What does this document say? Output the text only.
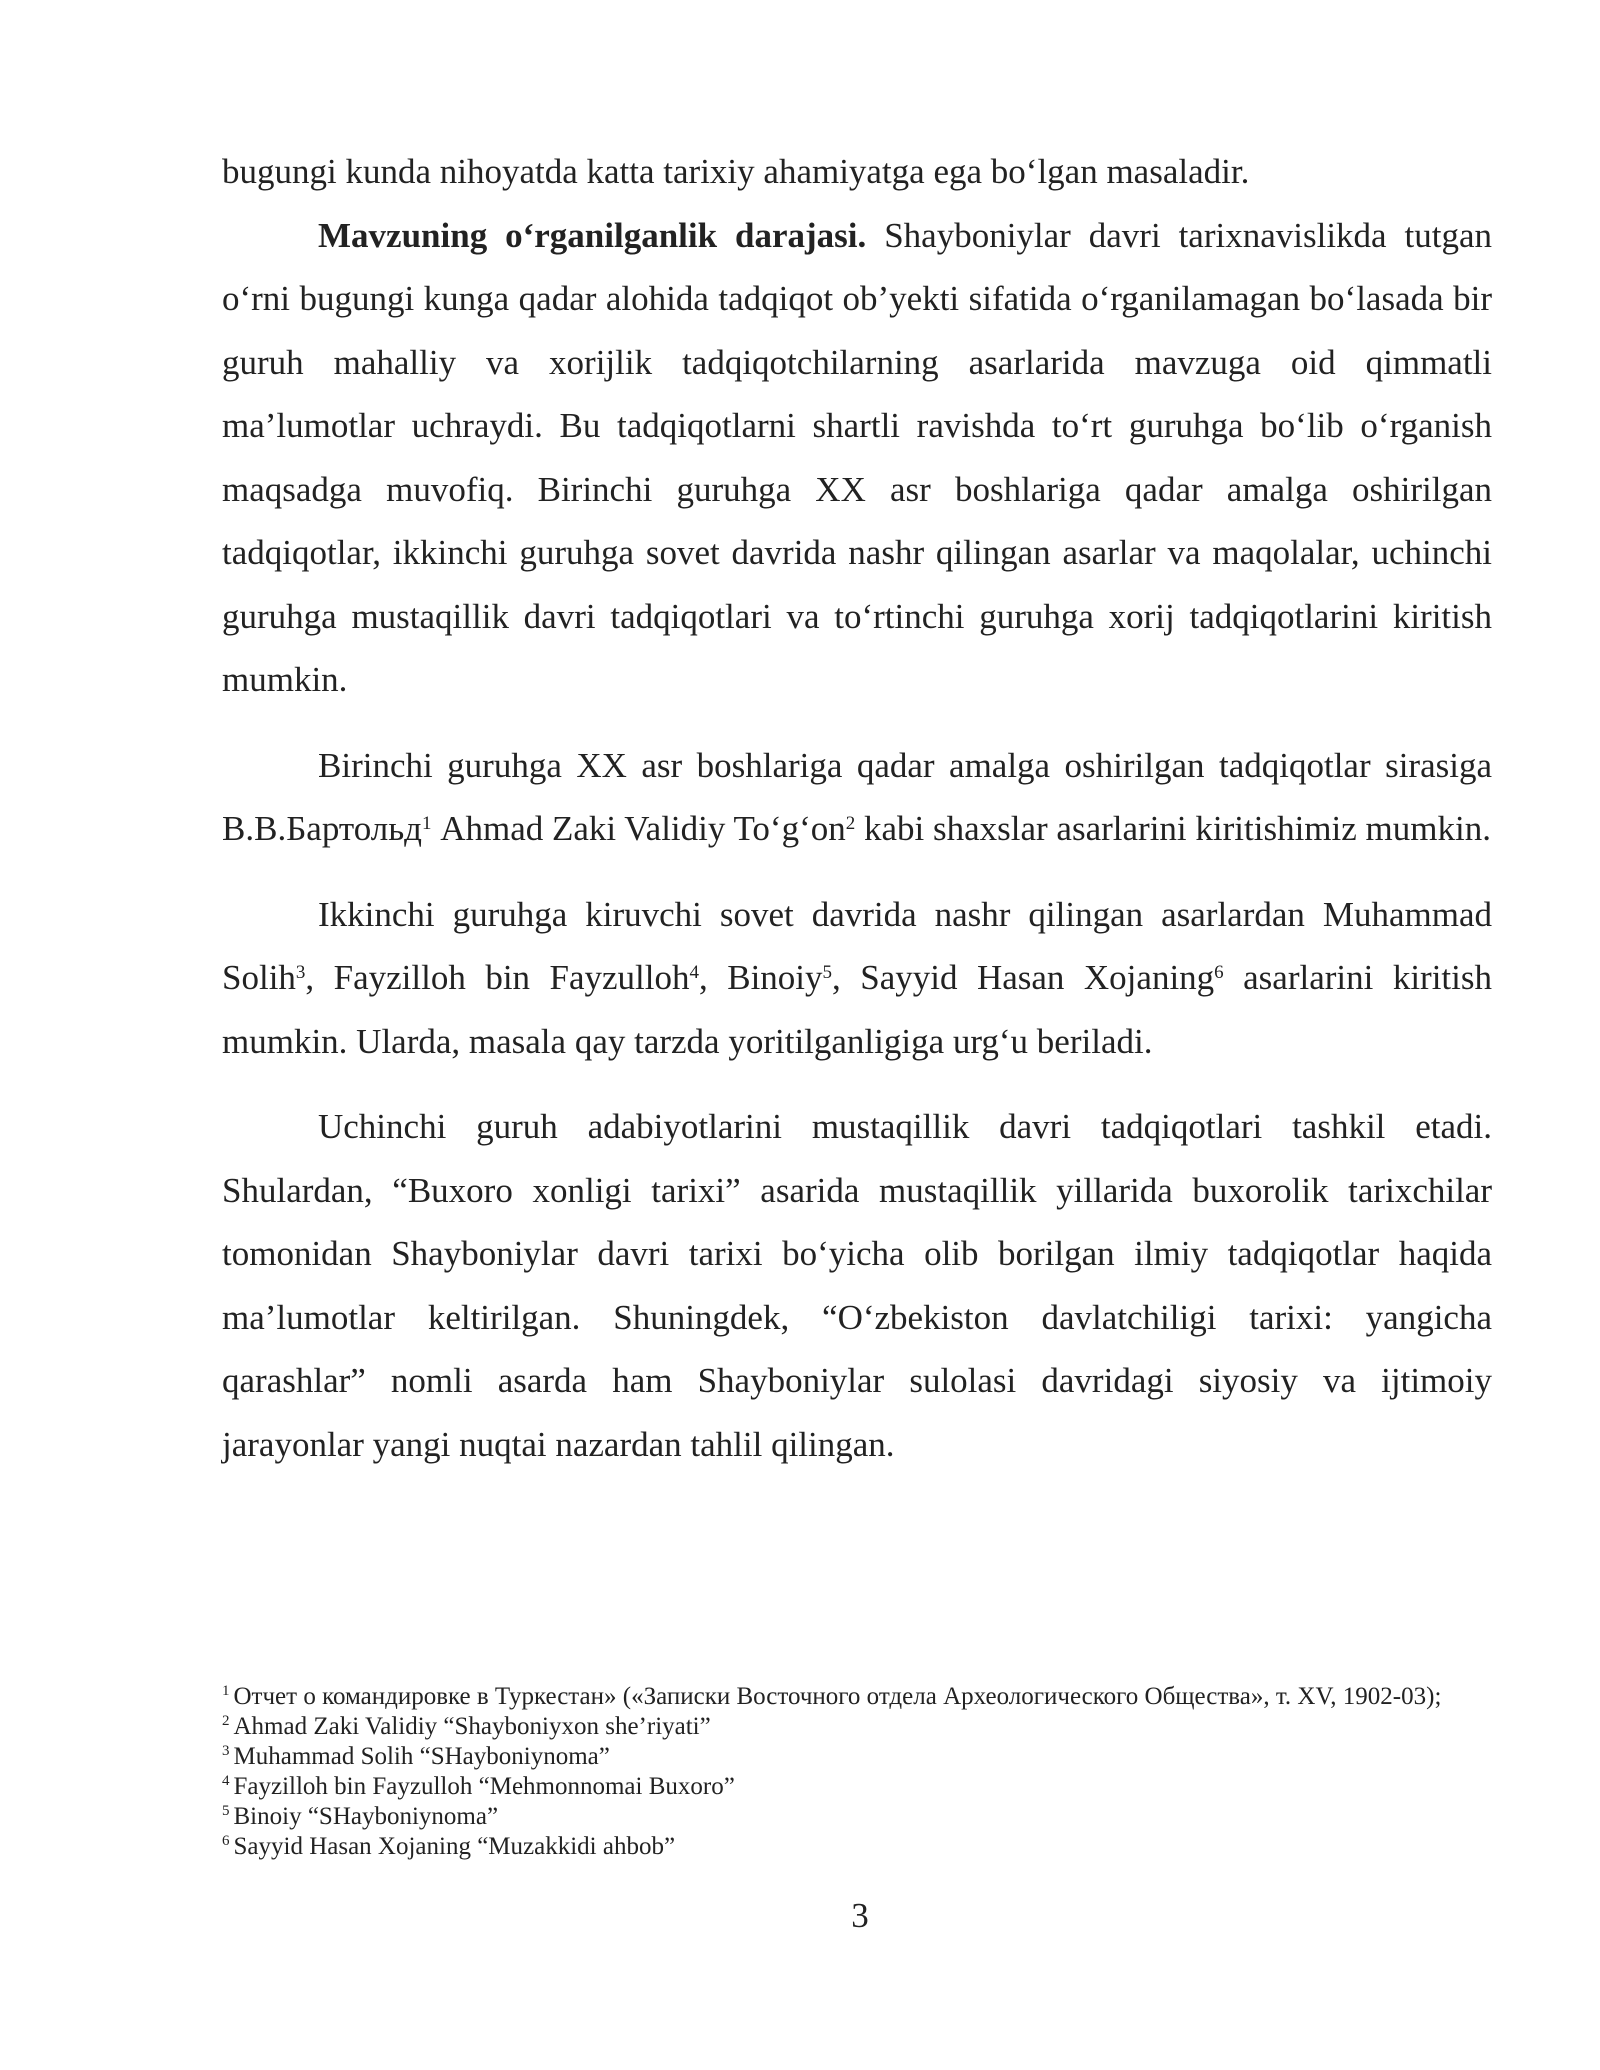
bugungi kunda nihoyatda katta tarixiy ahamiyatga ega bo‘lgan masaladir.

Mavzuning o‘rganilganlik darajasi. Shayboniylar davri tarixnavislikda tutgan o‘rni bugungi kunga qadar alohida tadqiqot ob’yekti sifatida o‘rganilamagan bo‘lasada bir guruh mahalliy va xorijlik tadqiqotchilarning asarlarida mavzuga oid qimmatli ma’lumotlar uchraydi. Bu tadqiqotlarni shartli ravishda to‘rt guruhga bo‘lib o‘rganish maqsadga muvofiq. Birinchi guruhga XX asr boshlariga qadar amalga oshirilgan tadqiqotlar, ikkinchi guruhga sovet davrida nashr qilingan asarlar va maqolalar, uchinchi guruhga mustaqillik davri tadqiqotlari va to‘rtinchi guruhga xorij tadqiqotlarini kiritish mumkin.

Birinchi guruhga XX asr boshlariga qadar amalga oshirilgan tadqiqotlar sirasiga В.В.Бартольд$^1$ Ahmad Zaki Validiy To‘g‘on$^2$ kabi shaxslar asarlarini kiritishimiz mumkin.

Ikkinchi guruhga kiruvchi sovet davrida nashr qilingan asarlardan Muhammad Solih$^3$, Fayzilloh bin Fayzulloh$^4$, Binoiy$^5$, Sayyid Hasan Xojaning$^6$ asarlarini kiritish mumkin. Ularda, masala qay tarzda yoritilganligiga urg‘u beriladi.

Uchinchi guruh adabiyotlarini mustaqillik davri tadqiqotlari tashkil etadi. Shulardan, “Buxoro xonligi tarixi” asarida mustaqillik yillarida buxorolik tarixchilar tomonidan Shayboniylar davri tarixi bo‘yicha olib borilgan ilmiy tadqiqotlar haqida ma’lumotlar keltirilgan. Shuningdek, “O‘zbekiston davlatchiligi tarixi: yangicha qarashlar” nomli asarda ham Shayboniylar sulolasi davridagi siyosiy va ijtimoiy jarayonlar yangi nuqtai nazardan tahlil qilingan.

$^1$ Отчет о командировке в Туркестан» («Записки Восточного отдела Археологического Общества», т. XV, 1902-03);

$^2$ Ahmad Zaki Validiy “Shayboniyxon she’riyati”

$^3$ Muhammad Solih “SHayboniynoma”

$^4$ Fayzilloh bin Fayzulloh “Mehmonnomai Buxoro”

$^5$ Binoiy “SHayboniynoma”

$^6$ Sayyid Hasan Xojaning “Muzakkidi ahbob”

3
